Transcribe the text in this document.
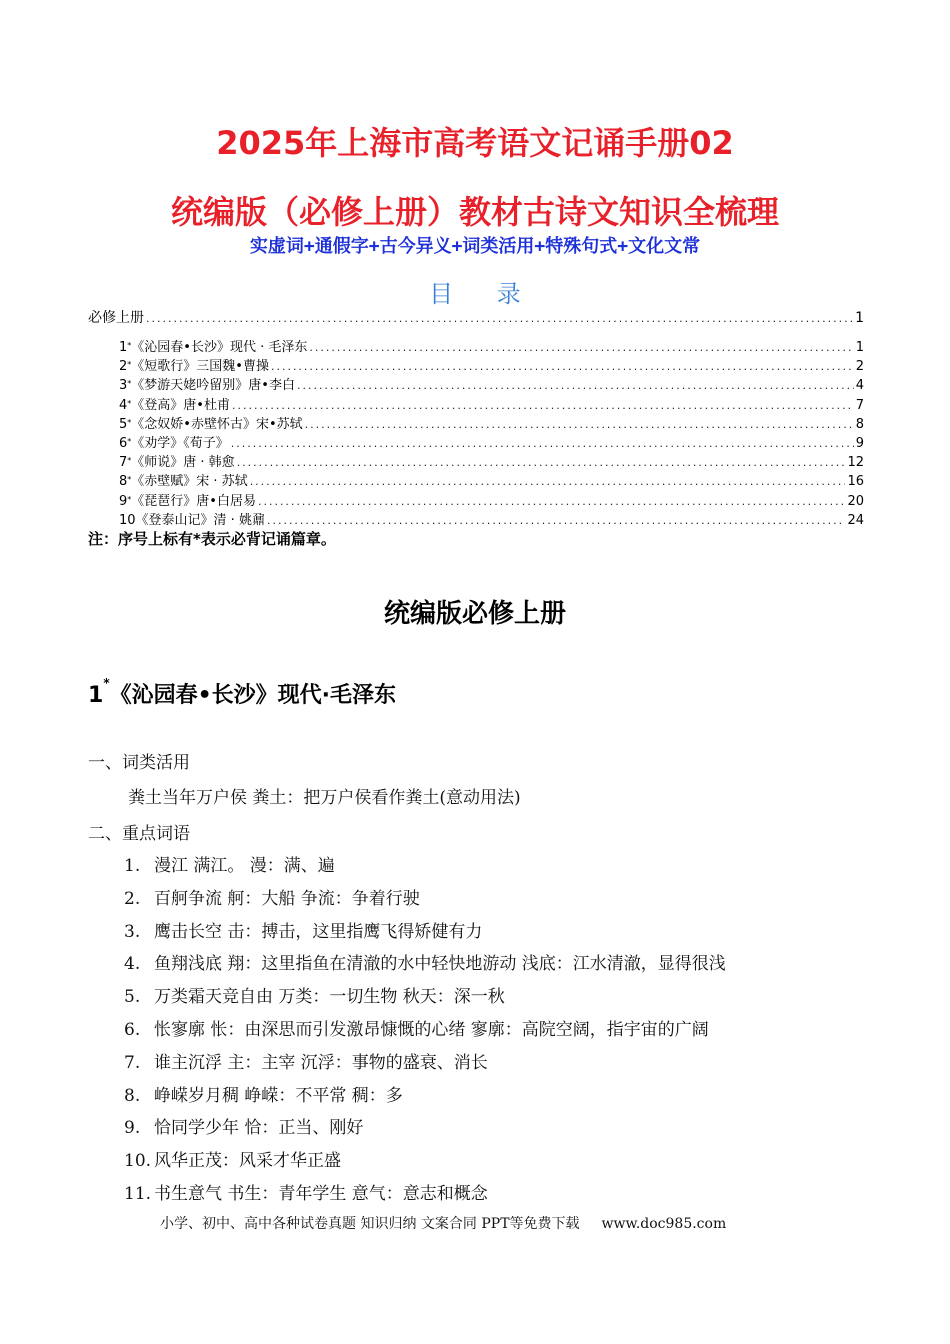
2025年上海市高考语文记诵手册02
统编版（必修上册）教材古诗文知识全梳理
实虚词+通假字+古今异义+词类活用+特殊句式+文化文常
目 录
必修上册 .....	1
1*《沁园春•长沙》现代 · 毛泽东 .....	1
2*《短歌行》三国魏•曹操 .....	2
3*《梦游天姥吟留别》唐•李白 .....	4
4*《登高》唐•杜甫 .....	7
5*《念奴娇•赤壁怀古》宋•苏轼 .....	8
6*《劝学》《荀子》 .....	9
7*《师说》唐 · 韩愈 .....	12
8*《赤壁赋》宋 · 苏轼 .....	16
9*《琵琶行》唐•白居易 .....	20
10《登泰山记》清 · 姚鼐 .....	24
注：序号上标有*表示必背记诵篇章。
统编版必修上册
1*《沁园春•长沙》现代·毛泽东
一、词类活用
粪土当年万户侯 粪土：把万户侯看作粪土(意动用法)
二、重点词语
1. 漫江 满江。 漫：满、遍
2. 百舸争流 舸：大船 争流：争着行驶
3. 鹰击长空 击：搏击，这里指鹰飞得矫健有力
4. 鱼翔浅底 翔：这里指鱼在清澈的水中轻快地游动 浅底：江水清澈，显得很浅
5. 万类霜天竞自由 万类：一切生物 秋天：深一秋
6. 怅寥廓 怅：由深思而引发激昂慷慨的心绪 寥廓：高院空阔，指宇宙的广阔
7. 谁主沉浮 主：主宰 沉浮：事物的盛衰、消长
8. 峥嵘岁月稠 峥嵘：不平常 稠：多
9. 恰同学少年 恰：正当、刚好
10. 风华正茂：风采才华正盛
11. 书生意气 书生：青年学生 意气：意志和概念
小学、初中、高中各种试卷真题 知识归纳 文案合同 PPT等免费下载 www.doc985.com
